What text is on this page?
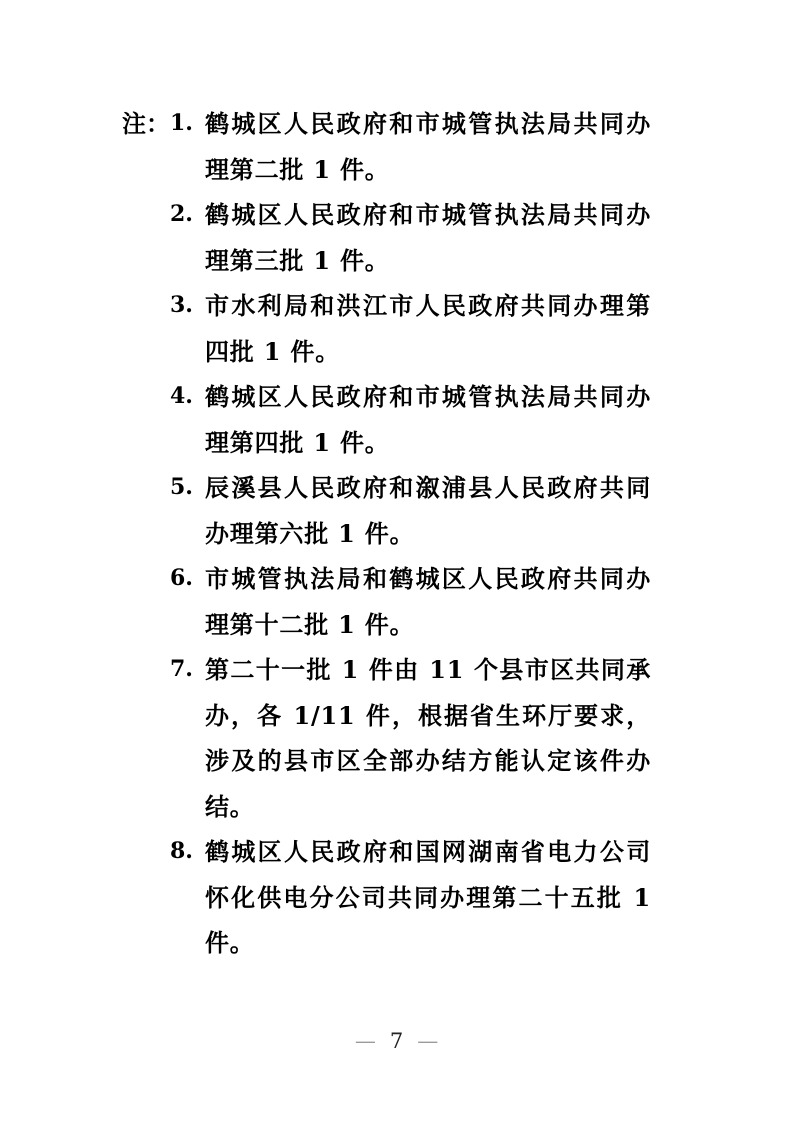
注： 1. 鹤城区人民政府和市城管执法局共同办理第二批 1 件。
2. 鹤城区人民政府和市城管执法局共同办理第三批 1 件。
3. 市水利局和洪江市人民政府共同办理第四批 1 件。
4. 鹤城区人民政府和市城管执法局共同办理第四批 1 件。
5. 辰溪县人民政府和溆浦县人民政府共同办理第六批 1 件。
6. 市城管执法局和鹤城区人民政府共同办理第十二批 1 件。
7. 第二十一批 1 件由 11 个县市区共同承办，各 1/11 件，根据省生环厅要求，涉及的县市区全部办结方能认定该件办结。
8. 鹤城区人民政府和国网湖南省电力公司怀化供电分公司共同办理第二十五批 1 件。
— 7 —
